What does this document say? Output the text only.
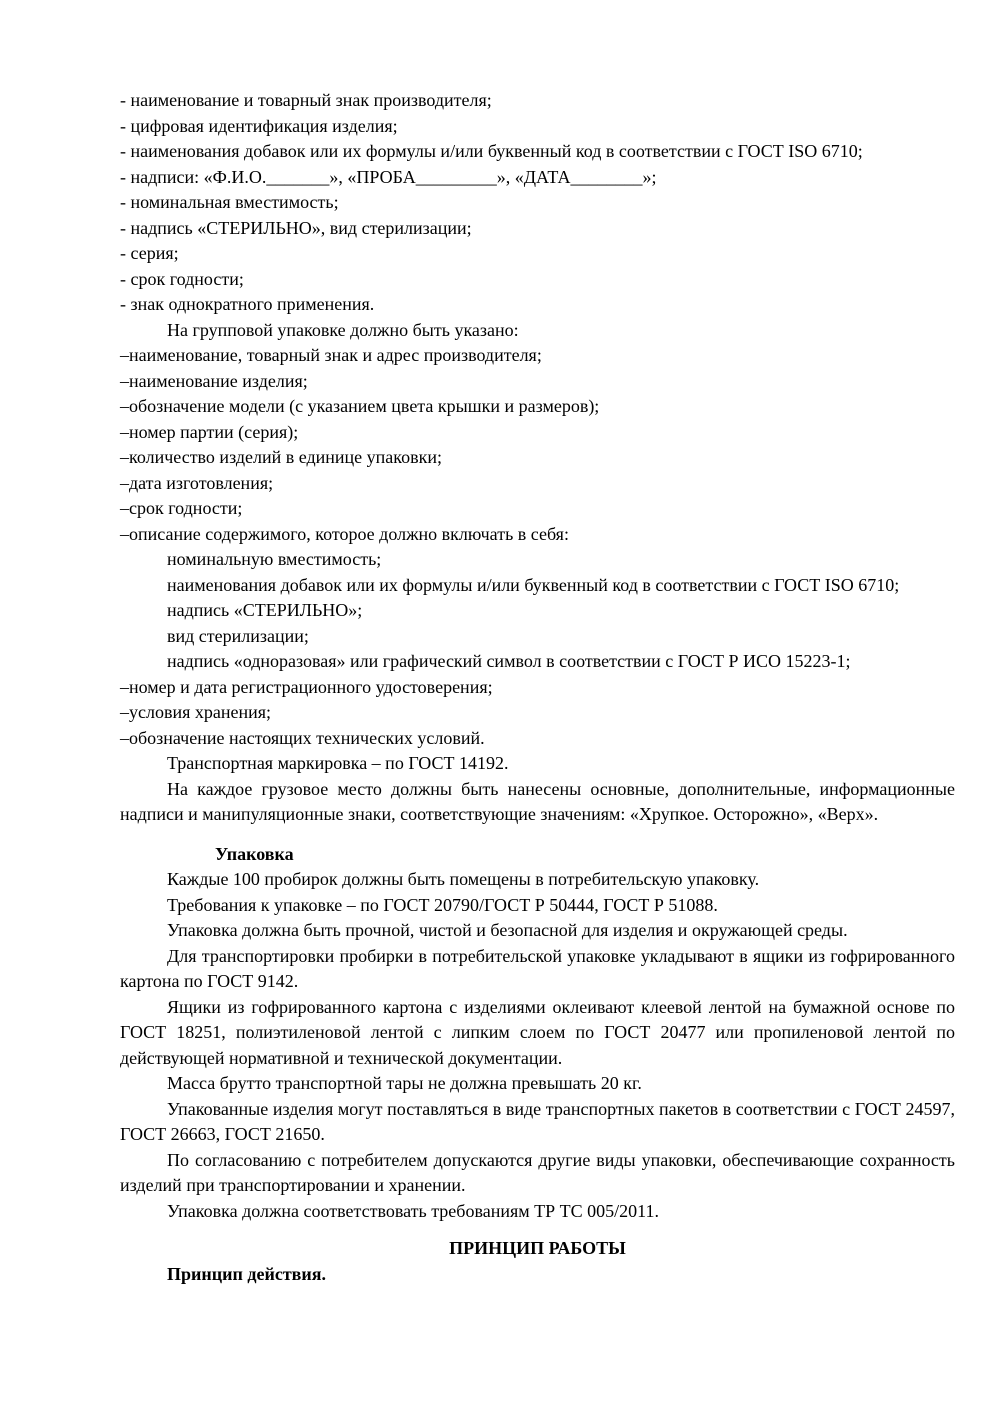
- наименование и товарный знак производителя;

- цифровая идентификация изделия;

- наименования добавок или их формулы и/или буквенный код в соответствии с ГОСТ ISO 6710;

- надписи: «Ф.И.О._______», «ПРОБА_________», «ДАТА________»;

- номинальная вместимость;

- надпись «СТЕРИЛЬНО», вид стерилизации;

- серия;

- срок годности;

- знак однократного применения.

На групповой упаковке должно быть указано:

–наименование, товарный знак и адрес производителя;

–наименование изделия;

–обозначение модели (с указанием цвета крышки и размеров);

–номер партии (серия);

–количество изделий в единице упаковки;

–дата изготовления;

–срок годности;

–описание содержимого, которое должно включать в себя:

номинальную вместимость;

наименования добавок или их формулы и/или буквенный код в соответствии с ГОСТ ISO 6710;

надпись «СТЕРИЛЬНО»;

вид стерилизации;

надпись «одноразовая» или графический символ в соответствии с ГОСТ Р ИСО 15223-1;

–номер и дата регистрационного удостоверения;

–условия хранения;

–обозначение настоящих технических условий.

Транспортная маркировка – по ГОСТ 14192.

На каждое грузовое место должны быть нанесены основные, дополнительные, информационные надписи и манипуляционные знаки, соответствующие значениям: «Хрупкое. Осторожно», «Верх».

Упаковка

Каждые 100 пробирок должны быть помещены в потребительскую упаковку.

Требования к упаковке – по ГОСТ 20790/ГОСТ Р 50444, ГОСТ Р 51088.

Упаковка должна быть прочной, чистой и безопасной для изделия и окружающей среды.

Для транспортировки пробирки в потребительской упаковке укладывают в ящики из гофрированного картона по ГОСТ 9142.

Ящики из гофрированного картона с изделиями оклеивают клеевой лентой на бумажной основе по ГОСТ 18251, полиэтиленовой лентой с липким слоем по ГОСТ 20477 или пропиленовой лентой по действующей нормативной и технической документации.

Масса брутто транспортной тары не должна превышать 20 кг.

Упакованные изделия могут поставляться в виде транспортных пакетов в соответствии с ГОСТ 24597, ГОСТ 26663, ГОСТ 21650.

По согласованию с потребителем допускаются другие виды упаковки, обеспечивающие сохранность изделий при транспортировании и хранении.

Упаковка должна соответствовать требованиям ТР ТС 005/2011.

ПРИНЦИП РАБОТЫ

Принцип действия.
